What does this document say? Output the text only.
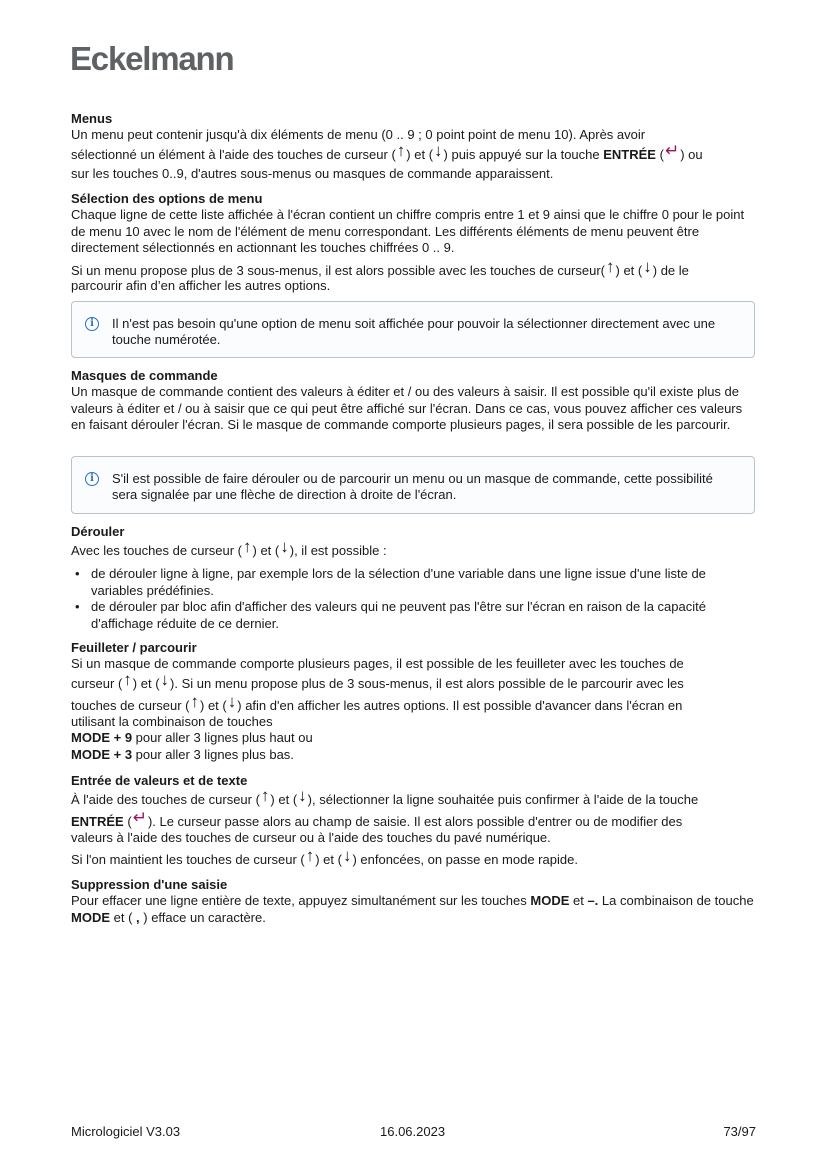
Eckelmann
Menus
Un menu peut contenir jusqu'à dix éléments de menu (0 .. 9 ; 0 point point de menu 10). Après avoir
sélectionné un élément à l'aide des touches de curseur (↑) et (↓) puis appuyé sur la touche ENTRÉE (↵) ou
sur les touches 0..9, d'autres sous-menus ou masques de commande apparaissent.
Sélection des options de menu
Chaque ligne de cette liste affichée à l'écran contient un chiffre compris entre 1 et 9 ainsi que le chiffre 0 pour le point de menu 10 avec le nom de l'élément de menu correspondant. Les différents éléments de menu peuvent être directement sélectionnés en actionnant les touches chiffrées 0 .. 9.
Si un menu propose plus de 3 sous-menus, il est alors possible avec les touches de curseur(↑) et (↓) de le
parcourir afin d’en afficher les autres options.
i	Il n'est pas besoin qu'une option de menu soit affichée pour pouvoir la sélectionner directement avec une touche numérotée.
Masques de commande
Un masque de commande contient des valeurs à éditer et / ou des valeurs à saisir. Il est possible qu'il existe plus de valeurs à éditer et / ou à saisir que ce qui peut être affiché sur l'écran. Dans ce cas, vous pouvez afficher ces valeurs en faisant dérouler l'écran. Si le masque de commande comporte plusieurs pages, il sera possible de les parcourir.
i	S'il est possible de faire dérouler ou de parcourir un menu ou un masque de commande, cette possibilité sera signalée par une flèche de direction à droite de l'écran.
Dérouler
Avec les touches de curseur (↑) et (↓), il est possible :
• de dérouler ligne à ligne, par exemple lors de la sélection d'une variable dans une ligne issue d'une liste de variables prédéfinies.
• de dérouler par bloc afin d'afficher des valeurs qui ne peuvent pas l'être sur l'écran en raison de la capacité d'affichage réduite de ce dernier.
Feuilleter / parcourir
Si un masque de commande comporte plusieurs pages, il est possible de les feuilleter avec les touches de
curseur (↑) et (↓). Si un menu propose plus de 3 sous-menus, il est alors possible de le parcourir avec les
touches de curseur (↑) et (↓) afin d'en afficher les autres options. Il est possible d'avancer dans l'écran en
utilisant la combinaison de touches
MODE + 9 pour aller 3 lignes plus haut ou
MODE + 3 pour aller 3 lignes plus bas.
Entrée de valeurs et de texte
À l'aide des touches de curseur (↑) et (↓), sélectionner la ligne souhaitée puis confirmer à l'aide de la touche
ENTRÉE (↵). Le curseur passe alors au champ de saisie. Il est alors possible d'entrer ou de modifier des
valeurs à l'aide des touches de curseur ou à l'aide des touches du pavé numérique.
Si l'on maintient les touches de curseur (↑) et (↓) enfoncées, on passe en mode rapide.
Suppression d'une saisie
Pour effacer une ligne entière de texte, appuyez simultanément sur les touches MODE et –. La combinaison de touche MODE et ( , ) efface un caractère.
Micrologiciel V3.03	16.06.2023	73/97
